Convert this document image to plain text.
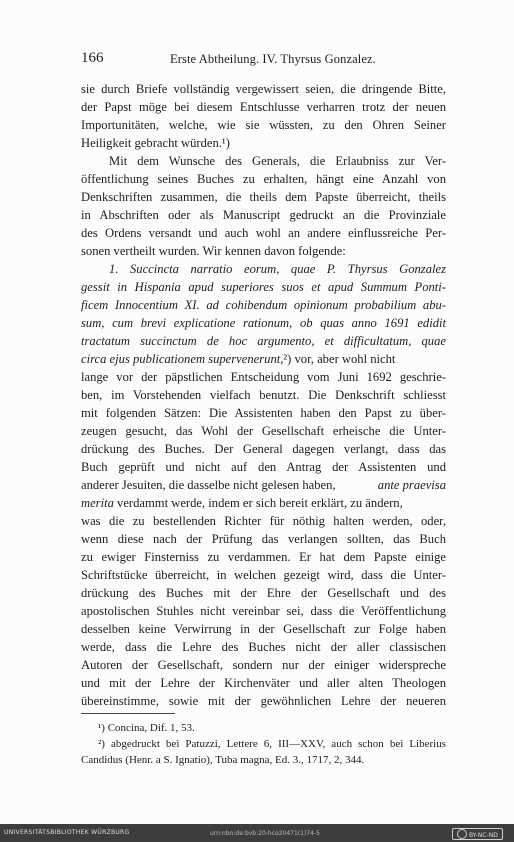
166	Erste Abtheilung. IV. Thyrsus Gonzalez.
sie durch Briefe vollständig vergewissert seien, die dringende Bitte,
der Papst möge bei diesem Entschlusse verharren trotz der neuen
Importunitäten, welche, wie sie wüssten, zu den Ohren Seiner
Heiligkeit gebracht würden.¹)
Mit dem Wunsche des Generals, die Erlaubniss zur Ver-
öffentlichung seines Buches zu erhalten, hängt eine Anzahl von
Denkschriften zusammen, die theils dem Papste überreicht, theils
in Abschriften oder als Manuscript gedruckt an die Provinziale
des Ordens versandt und auch wohl an andere einflussreiche Per-
sonen vertheilt wurden. Wir kennen davon folgende:
1. Succincta narratio eorum, quae P. Thyrsus Gonzalez
gessit in Hispania apud superiores suos et apud Summum Ponti-
ficem Innocentium XI. ad cohibendum opinionum probabilium abu-
sum, cum brevi explicatione rationum, ob quas anno 1691 edidit
tractatum succinctum de hoc argumento, et difficultatum, quae
circa ejus publicationem supervenerunt,²) vor, aber wohl nicht
lange vor der päpstlichen Entscheidung vom Juni 1692 geschrie-
ben, im Vorstehenden vielfach benutzt. Die Denkschrift schliesst
mit folgenden Sätzen: Die Assistenten haben den Papst zu über-
zeugen gesucht, das Wohl der Gesellschaft erheische die Unter-
drückung des Buches. Der General dagegen verlangt, dass das
Buch geprüft und nicht auf den Antrag der Assistenten und
anderer Jesuiten, die dasselbe nicht gelesen haben,	ante praevisa
merita verdammt werde, indem er sich bereit erklärt, zu ändern,
was die zu bestellenden Richter für nöthig halten werden, oder,
wenn diese nach der Prüfung das verlangen sollten, das Buch
zu ewiger Finsterniss zu verdammen. Er hat dem Papste einige
Schriftstücke überreicht, in welchen gezeigt wird, dass die Unter-
drückung des Buches mit der Ehre der Gesellschaft und des
apostolischen Stuhles nicht vereinbar sei, dass die Veröffentlichung
desselben keine Verwirrung in der Gesellschaft zur Folge haben
werde, dass die Lehre des Buches nicht der aller classischen
Autoren der Gesellschaft, sondern nur der einiger widerspreche
und mit der Lehre der Kirchenväter und aller alten Theologen
übereinstimme, sowie mit der gewöhnlichen Lehre der neueren
¹) Concina, Dif. 1, 53.
²) abgedruckt bei Patuzzi, Lettere 6, III—XXV, auch schon bei Liberius
Candidus (Henr. a S. Ignatio), Tuba magna, Ed. 3., 1717, 2, 344.
UNIVERSITÄTSBIBLIOTHEK WÜRZBURG	urn:nbn:de:bvb:20-hco20471(1)74-5	BY-NC-ND
